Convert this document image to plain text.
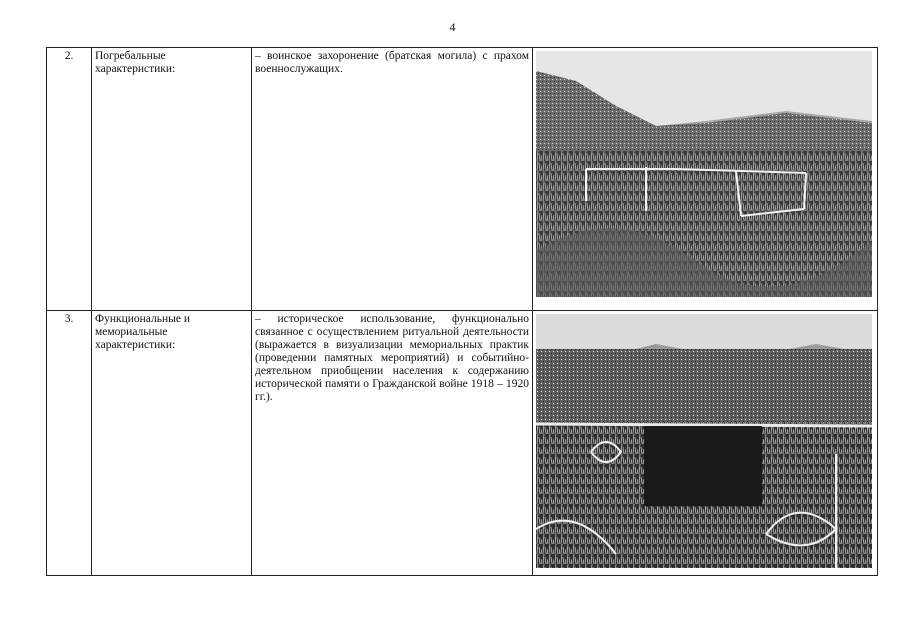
4
2.	Погребальные характеристики:	– воинское захоронение (братская могила) с прахом военнослужащих.	

3.	Функциональные и мемориальные характеристики:	– историческое использование, функционально связанное с осуществлением ритуальной деятельности (выражается в визуализации мемориальных практик (проведении памятных мероприятий) и событийно-деятельном приобщении населения к содержанию исторической памяти о Гражданской войне 1918 – 1920 гг.).	
